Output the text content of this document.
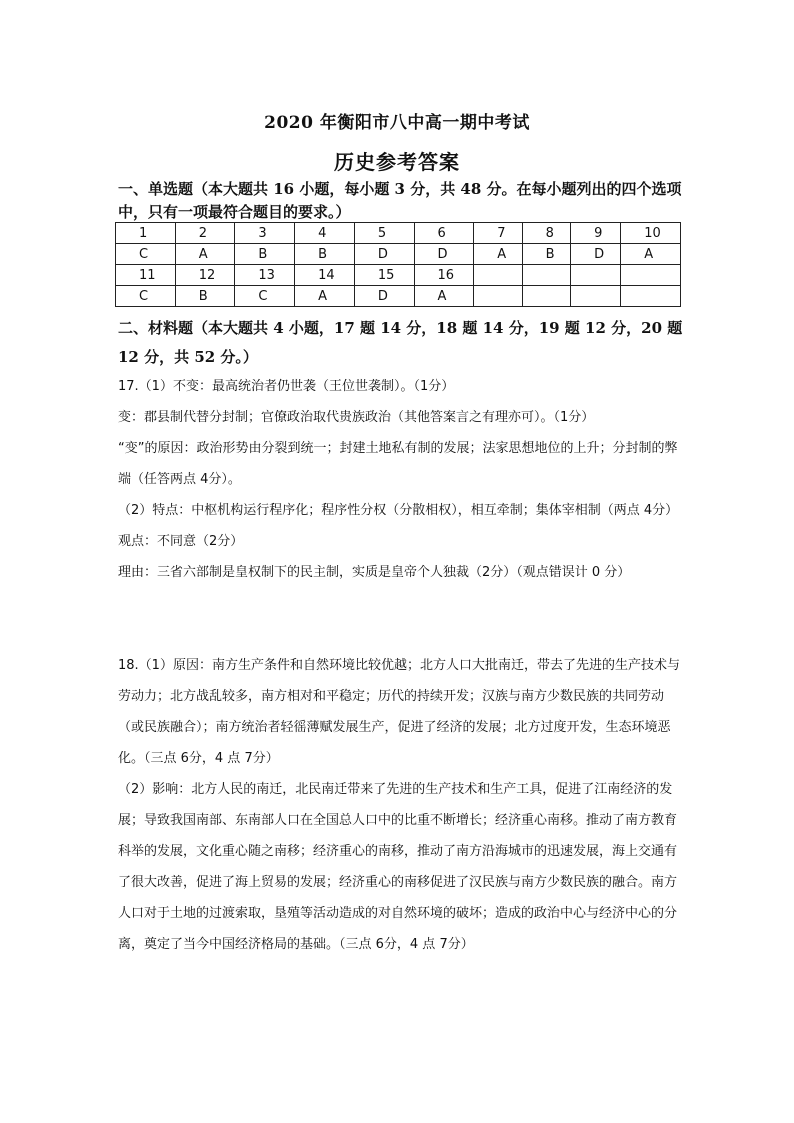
2020 年衡阳市八中高一期中考试
历史参考答案
一、单选题（本大题共 16 小题，每小题 3 分，共 48 分。在每小题列出的四个选项中，只有一项最符合题目的要求。）
1	2	3	4	5	6	7	8	9	10
C	A	B	B	D	D	A	B	D	A
11	12	13	14	15	16				
C	B	C	A	D	A				
二、材料题（本大题共 4 小题，17 题 14 分，18 题 14 分，19 题 12 分，20 题 12 分，共 52 分。）

17.（1）不变：最高统治者仍世袭（王位世袭制）。（1分）

变：郡县制代替分封制；官僚政治取代贵族政治（其他答案言之有理亦可）。（1分）

“变”的原因：政治形势由分裂到统一；封建土地私有制的发展；法家思想地位的上升；分封制的弊端（任答两点 4分）。

（2）特点：中枢机构运行程序化；程序性分权（分散相权），相互牵制；集体宰相制（两点 4分）

观点：不同意（2分）

理由：三省六部制是皇权制下的民主制，实质是皇帝个人独裁（2分）（观点错误计 0 分）

18.（1）原因：南方生产条件和自然环境比较优越；北方人口大批南迁，带去了先进的生产技术与劳动力；北方战乱较多，南方相对和平稳定；历代的持续开发；汉族与南方少数民族的共同劳动（或民族融合）；南方统治者轻徭薄赋发展生产，促进了经济的发展；北方过度开发，生态环境恶化。（三点 6分，4 点 7分）

（2）影响：北方人民的南迁，北民南迁带来了先进的生产技术和生产工具，促进了江南经济的发展；导致我国南部、东南部人口在全国总人口中的比重不断增长；经济重心南移。推动了南方教育科举的发展，文化重心随之南移；经济重心的南移，推动了南方沿海城市的迅速发展，海上交通有了很大改善，促进了海上贸易的发展；经济重心的南移促进了汉民族与南方少数民族的融合。南方人口对于土地的过渡索取，垦殖等活动造成的对自然环境的破坏；造成的政治中心与经济中心的分离，奠定了当今中国经济格局的基础。（三点 6分，4 点 7分）
